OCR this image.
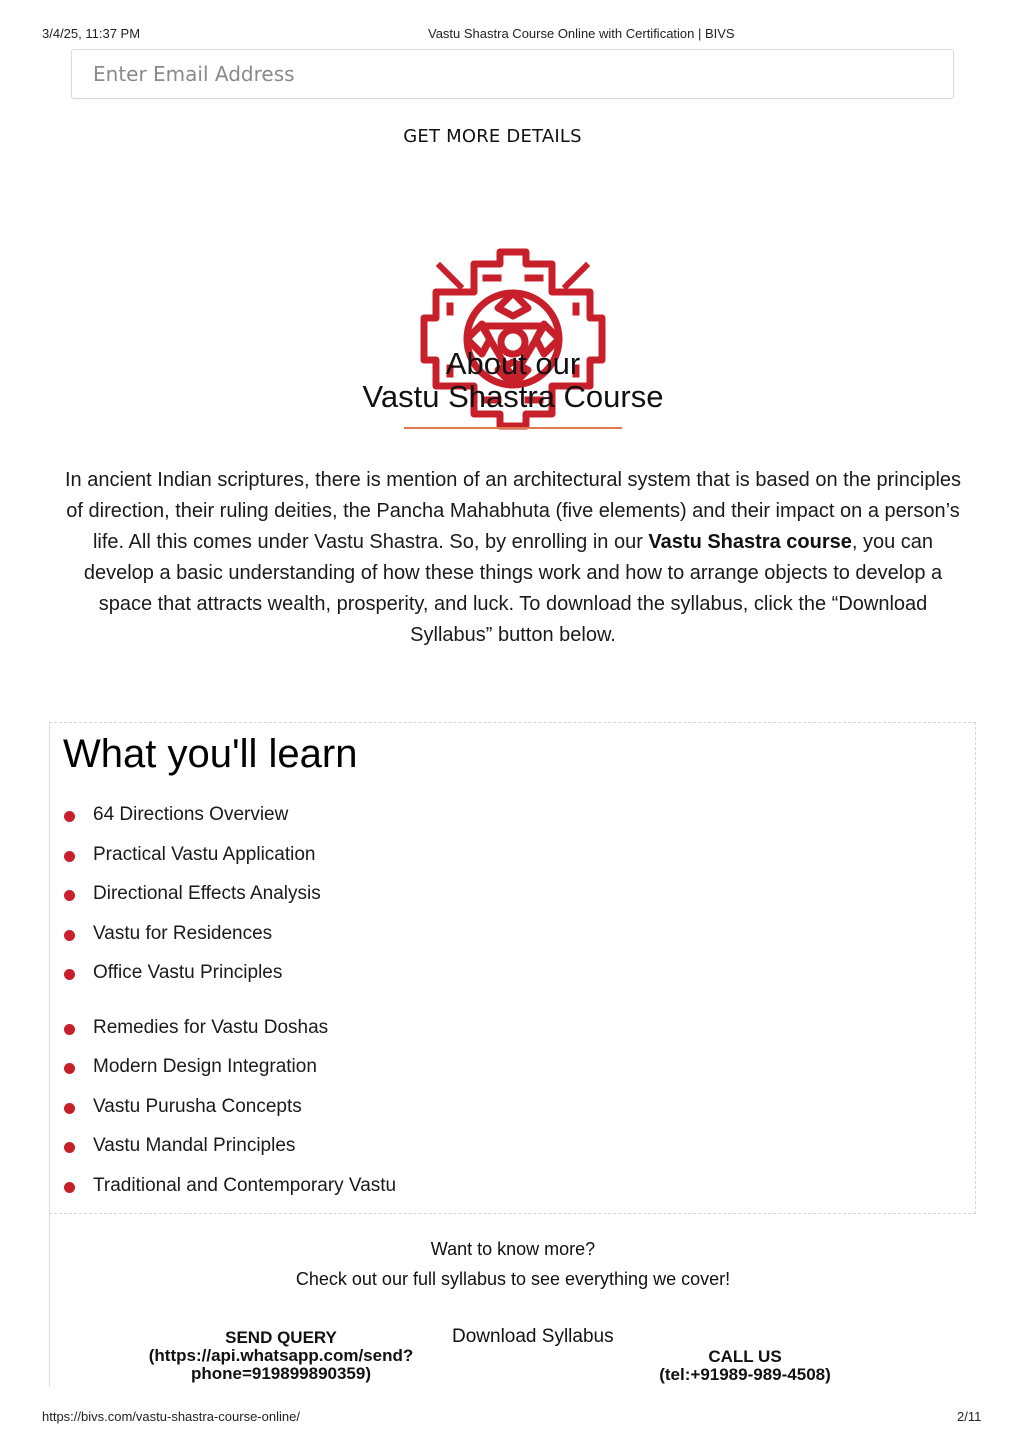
3/4/25, 11:37 PM	Vastu Shastra Course Online with Certification | BIVS
Enter Email Address
GET MORE DETAILS
About our
Vastu Shastra Course

In ancient Indian scriptures, there is mention of an architectural system that is based on the principles of direction, their ruling deities, the Pancha Mahabhuta (five elements) and their impact on a person’s life. All this comes under Vastu Shastra. So, by enrolling in our Vastu Shastra course, you can develop a basic understanding of how these things work and how to arrange objects to develop a space that attracts wealth, prosperity, and luck. To download the syllabus, click the “Download Syllabus” button below.

What you'll learn
64 Directions Overview
Practical Vastu Application
Directional Effects Analysis
Vastu for Residences
Office Vastu Principles
Remedies for Vastu Doshas
Modern Design Integration
Vastu Purusha Concepts
Vastu Mandal Principles
Traditional and Contemporary Vastu
Want to know more?
Check out our full syllabus to see everything we cover!
SEND QUERY
(https://api.whatsapp.com/send?phone=919899890359)
Download Syllabus
CALL US
(tel:+91989-989-4508)
https://bivs.com/vastu-shastra-course-online/	2/11
